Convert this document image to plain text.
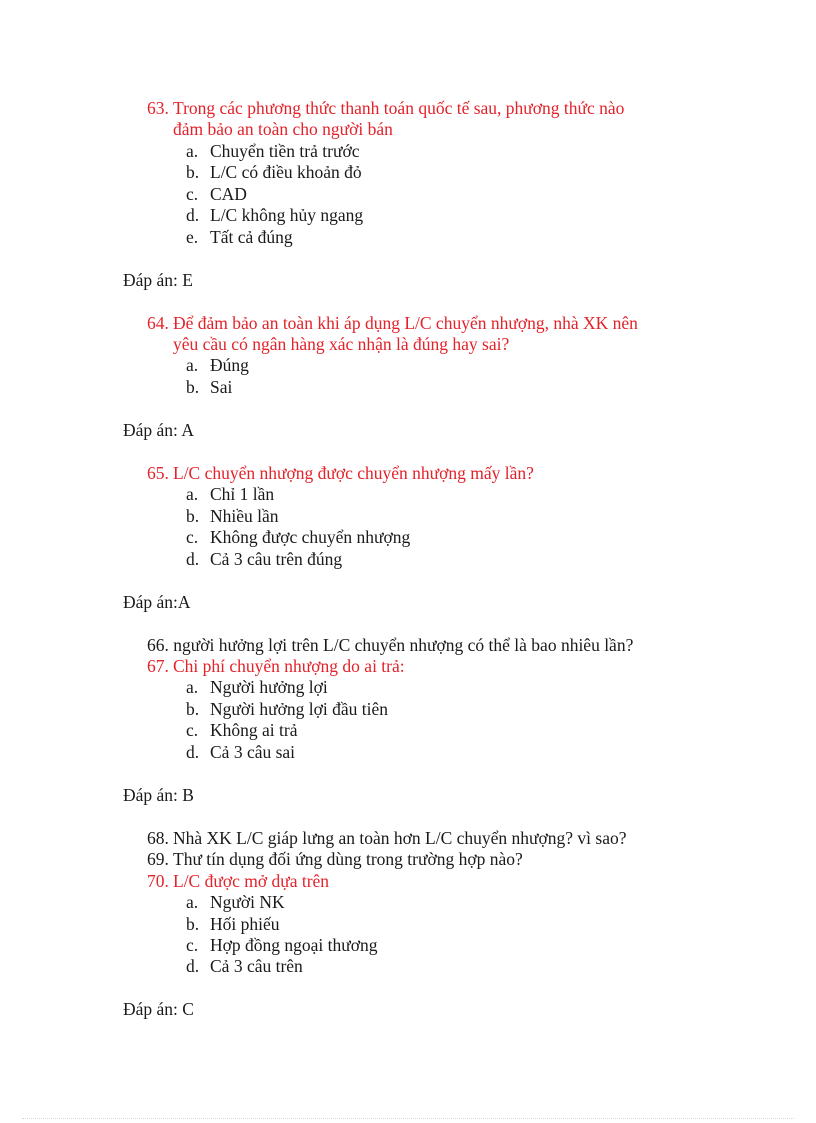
63. Trong các phương thức thanh toán quốc tế sau, phương thức nào
đảm bảo an toàn cho người bán
a. Chuyển tiền trả trước
b. L/C có điều khoản đỏ
c. CAD
d. L/C không hủy ngang
e. Tất cả đúng
Đáp án: E
64. Để đảm bảo an toàn khi áp dụng L/C chuyển nhượng, nhà XK nên
yêu cầu có ngân hàng xác nhận là đúng hay sai?
a. Đúng
b. Sai
Đáp án: A
65. L/C chuyển nhượng được chuyển nhượng mấy lần?
a. Chỉ 1 lần
b. Nhiều lần
c. Không được chuyển nhượng
d. Cả 3 câu trên đúng
Đáp án:A
66. người hưởng lợi trên L/C chuyển nhượng có thể là bao nhiêu lần?
67. Chi phí chuyển nhượng do ai trả:
a. Người hưởng lợi
b. Người hưởng lợi đầu tiên
c. Không ai trả
d. Cả 3 câu sai
Đáp án: B
68. Nhà XK L/C giáp lưng an toàn hơn L/C chuyển nhượng? vì sao?
69. Thư tín dụng đối ứng dùng trong trường hợp nào?
70. L/C được mở dựa trên
a. Người NK
b. Hối phiếu
c. Hợp đồng ngoại thương
d. Cả 3 câu trên
Đáp án: C
